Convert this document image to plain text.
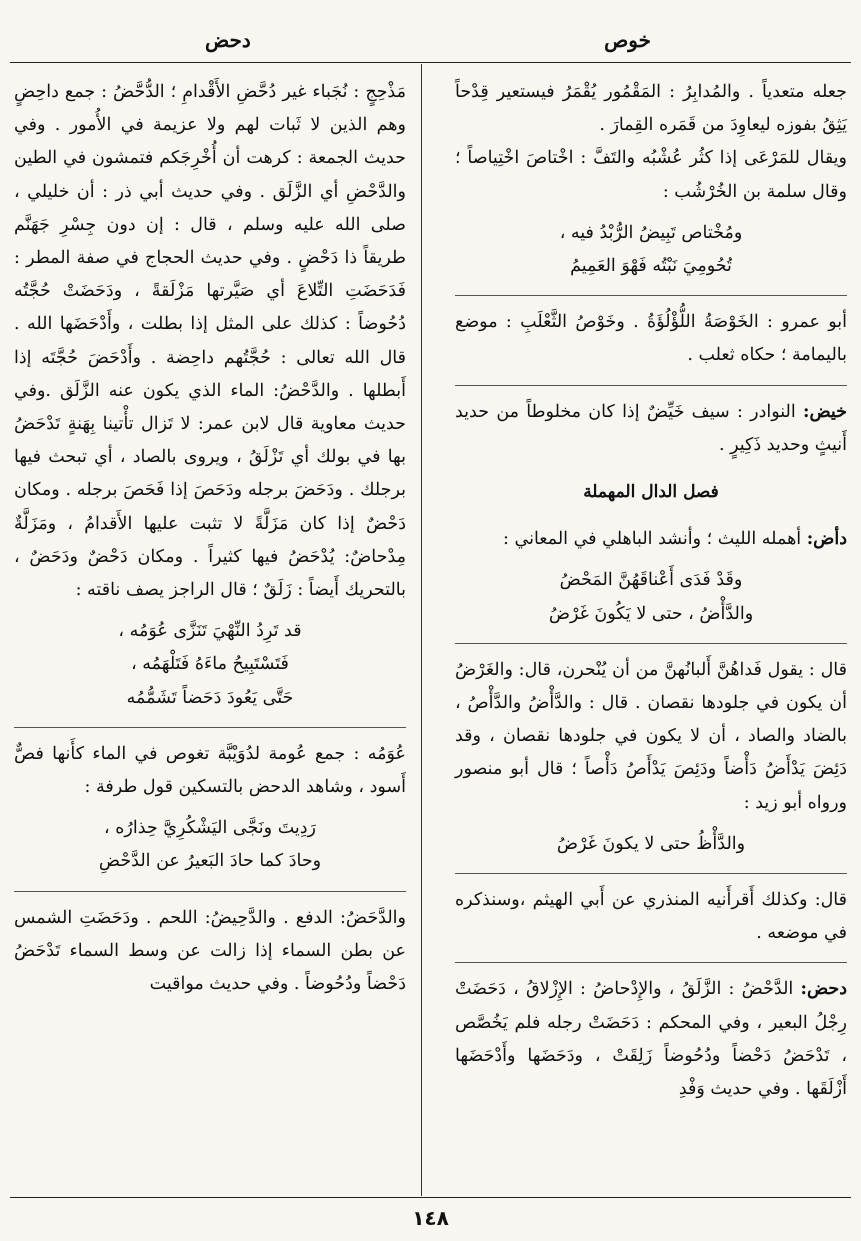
خوص
دحض

جعله متعدياً . والمُدابِرُ : المَقْمُور يُقْمَرُ فيستعير قِدْحاً يَثِقُ بفوزه ليعاوِدَ من قَمَره القِمارَ .

ويقال للمَرْعَى إذا كثُر عُشْبُه والتَفَّ : اخْتاصَ اخْتِياصاً ؛ وقال سلمة بن الخُرْشُب :

ومُخْتاص تَبِيضُ الرُّبْدُ فيه ،

تُحُومِيَ نَبْتُه فَهْوَ العَمِيمُ

أبو عمرو : الخَوْصَةُ اللُّؤْلُؤَةُ . وخَوْصُ الثَّعْلَبِ : موضع باليمامة ؛ حكاه ثعلب .

خيض: النوادر : سيف خَيِّضٌ إذا كان مخلوطاً من حديد أَنيثٍ وحديد ذَكِيرٍ .

فصل الدال المهملة

دأض: أهمله الليث ؛ وأنشد الباهلي في المعاني :

وقَدْ فَدَى أَعْناقَهُنَّ المَحْضُ

والدَّأْضُ ، حتى لا يَكُونَ غَرْضُ

قال : يقول فَداهُنَّ أَلبانُهنَّ من أن يُنْحرن، قال: والغَرْضُ أن يكون في جلودها نقصان . قال : والدَّأْضُ والدَّأْصُ ، بالضاد والصاد ، أن لا يكون في جلودها نقصان ، وقد دَئِضَ يَدْأَضُ دَأْضاً ودَئِصَ يَدْأَصُ دَأْصاً ؛ قال أبو منصور ورواه أبو زيد :

والدَّأْظُ حتى لا يكونَ غَرْضُ

قال: وكذلك أَقرأَنيه المنذري عن أَبي الهيثم ،وسنذكره في موضعه .

دحض: الدَّحْضُ : الزَّلَقُ ، والإِدْحاضُ : الإِزْلاقُ ، دَحَضَتْ رِجْلُ البعير ، وفي المحكم : دَحَضَتْ رجله فلم يَخُصَّص ، تَدْحَضُ دَحْضاً ودُحُوضاً زَلِقَتْ ، ودَحَضَها وأَدْحَضَها أَزْلَقَها . وفي حديث وَفْدِ

مَذْحِجٍ : نُجَباء غير دُحَّضِ الأَقْدامِ ؛ الدُّحَّضُ : جمع داحِضٍ وهم الذين لا ثَبات لهم ولا عزيمة في الأُمور . وفي حديث الجمعة : كرهت أن أُخْرِجَكم فتمشون في الطين والدَّحْضِ أي الزَّلَق . وفي حديث أبي ذر : أن خليلي ، صلى الله عليه وسلم ، قال : إن دون جِسْرِ جَهَنَّم طريقاً ذا دَحْضٍ . وفي حديث الحجاج في صفة المطر : فَدَحَضَتِ التِّلاعَ أي صَيَّرتها مَزْلَقةً ، ودَحَضَتْ حُجَّتُه دُحُوضاً : كذلك على المثل إذا بطلت ، وأَدْحَضَها الله . قال الله تعالى : حُجَّتُهم داحِضة . وأَدْحَضَ حُجَّتَه إذا أَبطلها . والدَّحْضُ: الماء الذي يكون عنه الزَّلَق .وفي حديث معاوية قال لابن عمر: لا تَزال تأْتينا بِهَنةٍ تَدْحَضُ بها في بولك أي تَزْلَقُ ، ويروى بالصاد ، أي تبحث فيها برجلك . ودَحَضَ برجله ودَحَصَ إذا فَحَصَ برجله . ومكان دَحْضٌ إذا كان مَزَلَّةً لا تثبت عليها الأَقدامُ ، ومَزَلَّةٌ مِدْحاضٌ: يُدْحَضُ فيها كثيراً . ومكان دَحْضٌ ودَحَضٌ ، بالتحريك أَيضاً : زَلَقٌ ؛ قال الراجز يصف ناقته :

قد تَرِدُ النِّهْيَ تَنَزَّى عُوَمُه ،

فَتَسْتَبِيحُ ماءَهُ فَتَلْهَمُه ،

حَتَّى يَعُودَ دَحَضاً تَشَمُّمُه

عُوَمُه : جمع عُومة لدُوَيْبَّة تغوص في الماء كأَنها فصٌّ أَسود ، وشاهد الدحض بالتسكين قول طرفة :

رَدِيتَ ونَجَّى اليَشْكُرِيَّ حِذارُه ،

وحادَ كما حادَ البَعيرُ عن الدَّحْضِ

والدَّحَضُ: الدفع . والدَّحِيضُ: اللحم . ودَحَضَتِ الشمس عن بطن السماء إذا زالت عن وسط السماء تَدْحَضُ دَحْضاً ودُحُوضاً . وفي حديث مواقيت

١٤٨
